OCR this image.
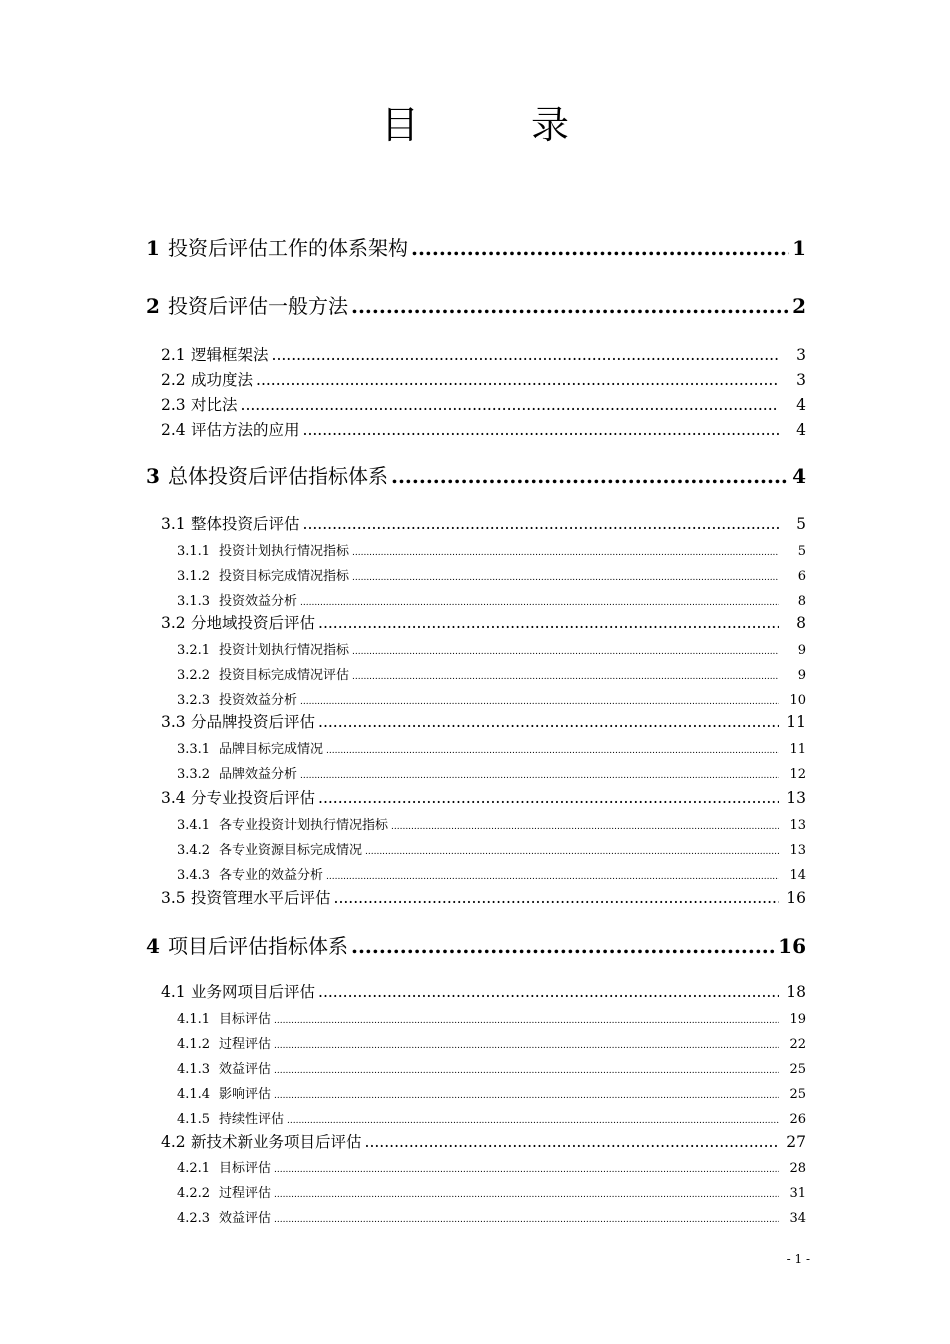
目 录
1 投资后评估工作的体系架构 .....	1
2 投资后评估一般方法 .....	2
2.1 逻辑框架法 .....	3
2.2 成功度法 .....	3
2.3 对比法 .....	4
2.4 评估方法的应用 .....	4
3 总体投资后评估指标体系 .....	4
3.1 整体投资后评估 .....	5
3.1.1 投资计划执行情况指标 .....	5
3.1.2 投资目标完成情况指标 .....	6
3.1.3 投资效益分析 .....	8
3.2 分地域投资后评估 .....	8
3.2.1 投资计划执行情况指标 .....	9
3.2.2 投资目标完成情况评估 .....	9
3.2.3 投资效益分析 .....	10
3.3 分品牌投资后评估 .....	11
3.3.1 品牌目标完成情况 .....	11
3.3.2 品牌效益分析 .....	12
3.4 分专业投资后评估 .....	13
3.4.1 各专业投资计划执行情况指标 .....	13
3.4.2 各专业资源目标完成情况 .....	13
3.4.3 各专业的效益分析 .....	14
3.5 投资管理水平后评估 .....	16
4 项目后评估指标体系 .....	16
4.1 业务网项目后评估 .....	18
4.1.1 目标评估 .....	19
4.1.2 过程评估 .....	22
4.1.3 效益评估 .....	25
4.1.4 影响评估 .....	25
4.1.5 持续性评估 .....	26
4.2 新技术新业务项目后评估 .....	27
4.2.1 目标评估 .....	28
4.2.2 过程评估 .....	31
4.2.3 效益评估 .....	34
- 1 -
